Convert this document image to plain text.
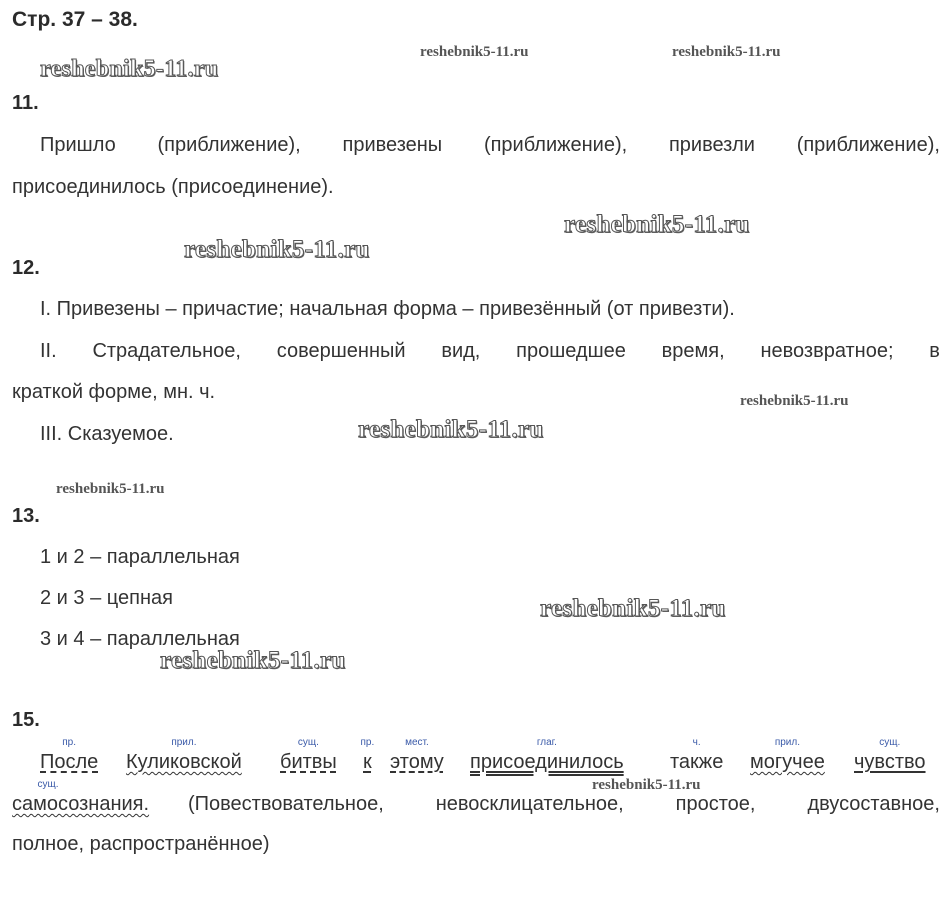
Стр. 37 – 38.
reshebnik5-11.ru
reshebnik5-11.ru	reshebnik5-11.ru
reshebnik5-11.ru
reshebnik5-11.ru
reshebnik5-11.ru
reshebnik5-11.ru
reshebnik5-11.ru
reshebnik5-11.ru
reshebnik5-11.ru
reshebnik5-11.ru
11.
Пришло (приближение), привезены (приближение), привезли (приближение),
присоединилось (присоединение).
12.
I. Привезены – причастие; начальная форма – привезённый (от привезти).
II. Страдательное, совершенный вид, прошедшее время, невозвратное; в
краткой форме, мн. ч.
III. Сказуемое.
13.
1 и 2 – параллельная
2 и 3 – цепная
3 и 4 – параллельная
15.
пр.
После
прил.
Куликовской
сущ.
битвы
пр.
к
мест.
этому
глаг.
присоединилось
ч.
также
прил.
могучее
сущ.
чувство
сущ.
самосознания. (Повествовательное,	невосклицательное,	простое,	двусоставное,
полное, распространённое)
